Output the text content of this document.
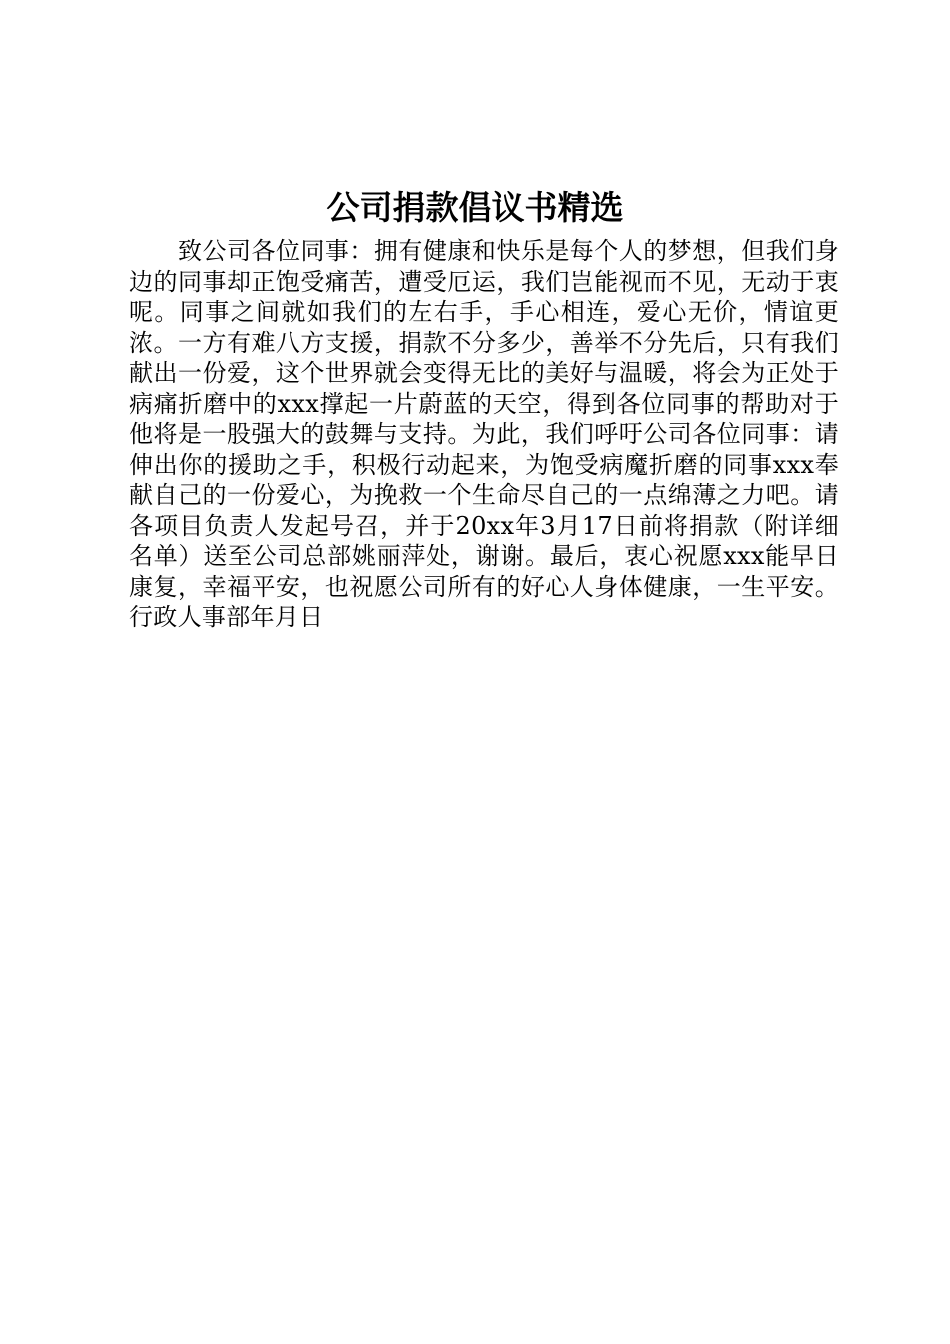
公司捐款倡议书精选

致公司各位同事：拥有健康和快乐是每个人的梦想，但我们身边的同事却正饱受痛苦，遭受厄运，我们岂能视而不见，无动于衷呢。同事之间就如我们的左右手，手心相连，爱心无价，情谊更浓。一方有难八方支援，捐款不分多少，善举不分先后，只有我们献出一份爱，这个世界就会变得无比的美好与温暖，将会为正处于病痛折磨中的xxx撑起一片蔚蓝的天空，得到各位同事的帮助对于他将是一股强大的鼓舞与支持。为此，我们呼吁公司各位同事：请伸出你的援助之手，积极行动起来，为饱受病魔折磨的同事xxx奉献自己的一份爱心，为挽救一个生命尽自己的一点绵薄之力吧。请各项目负责人发起号召，并于20xx年3月17日前将捐款（附详细名单）送至公司总部姚丽萍处，谢谢。最后，衷心祝愿xxx能早日康复，幸福平安，也祝愿公司所有的好心人身体健康，一生平安。行政人事部年月日
